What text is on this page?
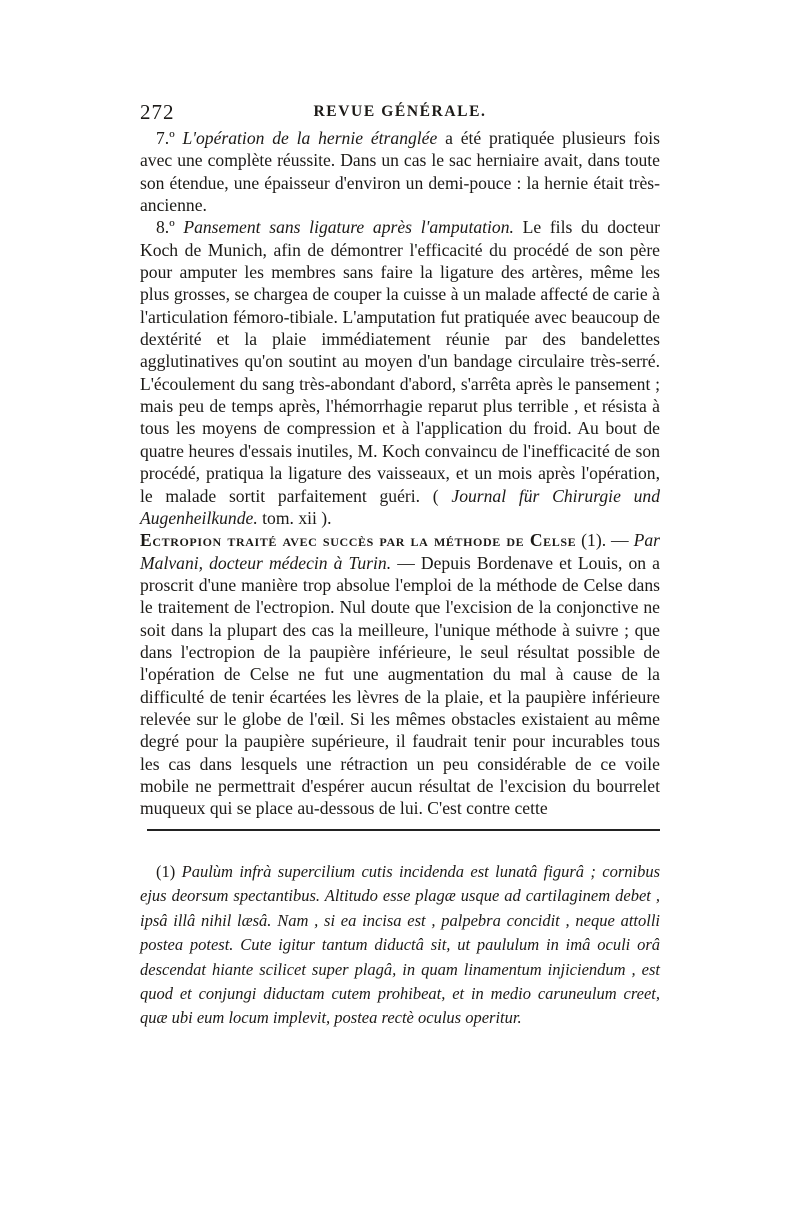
272	REVUE GÉNÉRALE.

7.º L'opération de la hernie étranglée a été pratiquée plusieurs fois avec une complète réussite. Dans un cas le sac herniaire avait, dans toute son étendue, une épaisseur d'environ un demi-pouce : la hernie était très-ancienne.

8.º Pansement sans ligature après l'amputation. Le fils du docteur Koch de Munich, afin de démontrer l'efficacité du procédé de son père pour amputer les membres sans faire la ligature des artères, même les plus grosses, se chargea de couper la cuisse à un malade affecté de carie à l'articulation fémoro-tibiale. L'amputation fut pratiquée avec beaucoup de dextérité et la plaie immédiatement réunie par des bandelettes agglutinatives qu'on soutint au moyen d'un bandage circulaire très-serré. L'écoulement du sang très-abondant d'abord, s'arrêta après le pansement ; mais peu de temps après, l'hémorrhagie reparut plus terrible , et résista à tous les moyens de compression et à l'application du froid. Au bout de quatre heures d'essais inutiles, M. Koch convaincu de l'inefficacité de son procédé, pratiqua la ligature des vaisseaux, et un mois après l'opération, le malade sortit parfaitement guéri. ( Journal für Chirurgie und Augenheilkunde. tom. xii ).

Ectropion traité avec succès par la méthode de Celse (1). — Par Malvani, docteur médecin à Turin. — Depuis Bordenave et Louis, on a proscrit d'une manière trop absolue l'emploi de la méthode de Celse dans le traitement de l'ectropion. Nul doute que l'excision de la conjonctive ne soit dans la plupart des cas la meilleure, l'unique méthode à suivre ; que dans l'ectropion de la paupière inférieure, le seul résultat possible de l'opération de Celse ne fut une augmentation du mal à cause de la difficulté de tenir écartées les lèvres de la plaie, et la paupière inférieure relevée sur le globe de l'œil. Si les mêmes obstacles existaient au même degré pour la paupière supérieure, il faudrait tenir pour incurables tous les cas dans lesquels une rétraction un peu considérable de ce voile mobile ne permettrait d'espérer aucun résultat de l'excision du bourrelet muqueux qui se place au-dessous de lui. C'est contre cette

(1) Paulùm infrà supercilium cutis incidenda est lunatâ figurâ ; cornibus ejus deorsum spectantibus. Altitudo esse plagæ usque ad cartilaginem debet , ipsâ illâ nihil læsâ. Nam , si ea incisa est , palpebra concidit , neque attolli postea potest. Cute igitur tantum diductâ sit, ut paululum in imâ oculi orâ descendat hiante scilicet super plagâ, in quam linamentum injiciendum , est quod et conjungi diductam cutem prohibeat, et in medio caruneulum creet, quæ ubi eum locum implevit, postea rectè oculus operitur.
